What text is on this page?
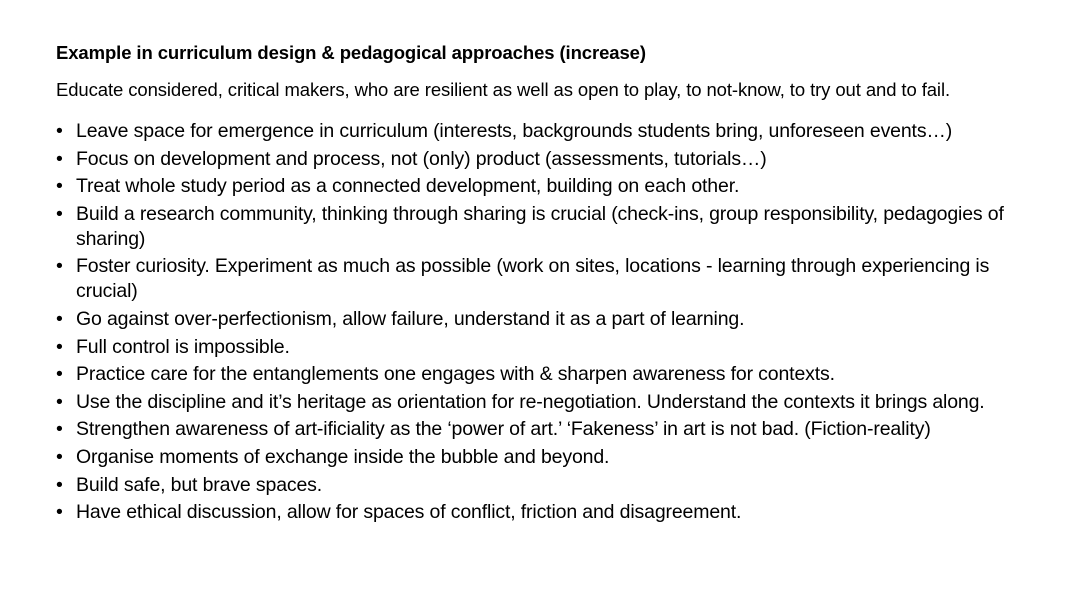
Example in curriculum design & pedagogical approaches (increase)

Educate considered, critical makers, who are resilient as well as open to play, to not-know, to try out and to fail.

• Leave space for emergence in curriculum (interests, backgrounds students bring, unforeseen events…)
• Focus on development and process, not (only) product (assessments, tutorials…)
• Treat whole study period as a connected development, building on each other.
• Build a research community, thinking through sharing is crucial (check-ins, group responsibility, pedagogies of sharing)
• Foster curiosity. Experiment as much as possible (work on sites, locations - learning through experiencing is crucial)
• Go against over-perfectionism, allow failure, understand it as a part of learning.
• Full control is impossible.
• Practice care for the entanglements one engages with & sharpen awareness for contexts.
• Use the discipline and it’s heritage as orientation for re-negotiation. Understand the contexts it brings along.
• Strengthen awareness of art-ificiality as the ‘power of art.’ ‘Fakeness’ in art is not bad. (Fiction-reality)
• Organise moments of exchange inside the bubble and beyond.
• Build safe, but brave spaces.
• Have ethical discussion, allow for spaces of conflict, friction and disagreement.
